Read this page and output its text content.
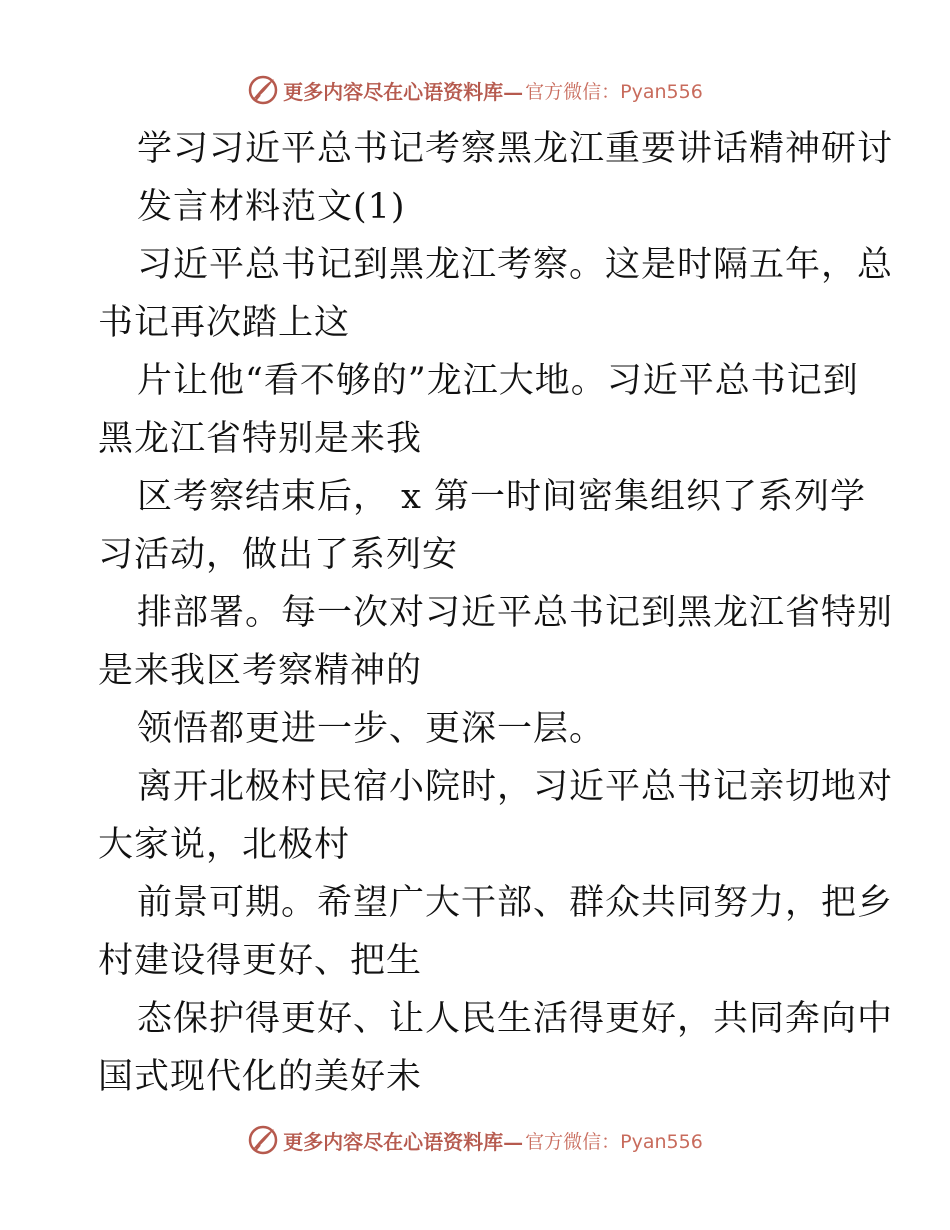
更多内容尽在心语资料库— 官方微信：Pyan556
学习习近平总书记考察黑龙江重要讲话精神研讨
发言材料范文(1)
习近平总书记到黑龙江考察。这是时隔五年，总
书记再次踏上这
片让他“看不够的”龙江大地。习近平总书记到
黑龙江省特别是来我
区考察结束后， x 第一时间密集组织了系列学
习活动，做出了系列安
排部署。每一次对习近平总书记到黑龙江省特别
是来我区考察精神的
领悟都更进一步、更深一层。
离开北极村民宿小院时，习近平总书记亲切地对
大家说，北极村
前景可期。希望广大干部、群众共同努力，把乡
村建设得更好、把生
态保护得更好、让人民生活得更好，共同奔向中
国式现代化的美好未
更多内容尽在心语资料库— 官方微信：Pyan556
